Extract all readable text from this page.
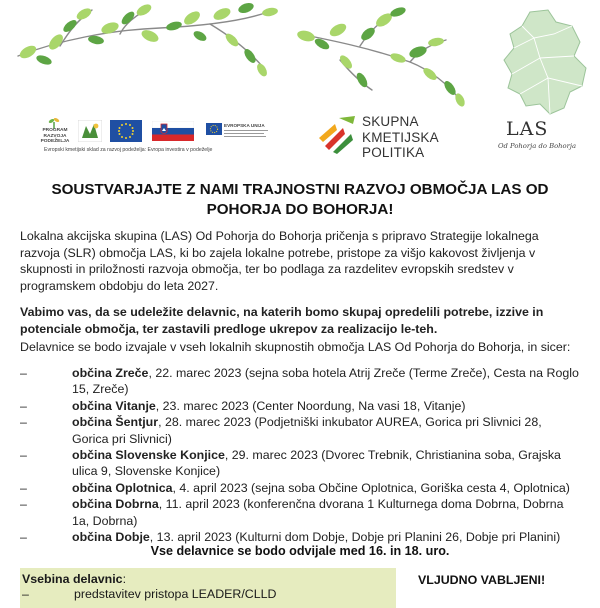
PROGRAM
RAZVOJA
PODEŽELJA
EVROPSKA UNIJA
Evropski kmetijski sklad za razvoj podeželja: Evropa investira v podeželje
SKUPNA
KMETIJSKA
POLITIKA
LAS
Od Pohorja do Bohorja
SOUSTVARJAJTE Z NAMI TRAJNOSTNI RAZVOJ OBMOČJA LAS OD
POHORJA DO BOHORJA!
Lokalna akcijska skupina (LAS) Od Pohorja do Bohorja pričenja s pripravo Strategije lokalnega razvoja (SLR) območja LAS, ki bo zajela lokalne potrebe, pristope za višjo kakovost življenja v skupnosti in priložnosti razvoja območja, ter bo podlaga za razdelitev evropskih sredstev v programskem obdobju do leta 2027.
Vabimo vas, da se udeležite delavnic, na katerih bomo skupaj opredelili potrebe, izzive in potenciale območja, ter zastavili predloge ukrepov za realizacijo le-teh.
Delavnice se bodo izvajale v vseh lokalnih skupnostih območja LAS Od Pohorja do Bohorja, in sicer:
–	občina Zreče, 22. marec 2023 (sejna soba hotela Atrij Zreče (Terme Zreče), Cesta na Roglo 15, Zreče)
–	občina Vitanje, 23. marec 2023 (Center Noordung, Na vasi 18, Vitanje)
–	občina Šentjur, 28. marec 2023 (Podjetniški inkubator AUREA, Gorica pri Slivnici 28, Gorica pri Slivnici)
–	občina Slovenske Konjice, 29. marec 2023 (Dvorec Trebnik, Christianina soba, Grajska ulica 9, Slovenske Konjice)
–	občina Oplotnica, 4. april 2023 (sejna soba Občine Oplotnica, Goriška cesta 4, Oplotnica)
–	občina Dobrna, 11. april 2023 (konferenčna dvorana 1 Kulturnega doma Dobrna, Dobrna 1a, Dobrna)
–	občina Dobje, 13. april 2023 (Kulturni dom Dobje, Dobje pri Planini 26, Dobje pri Planini)
Vse delavnice se bodo odvijale med 16. in 18. uro.
Vsebina delavnic:
–	predstavitev pristopa LEADER/CLLD
VLJUDNO VABLJENI!
